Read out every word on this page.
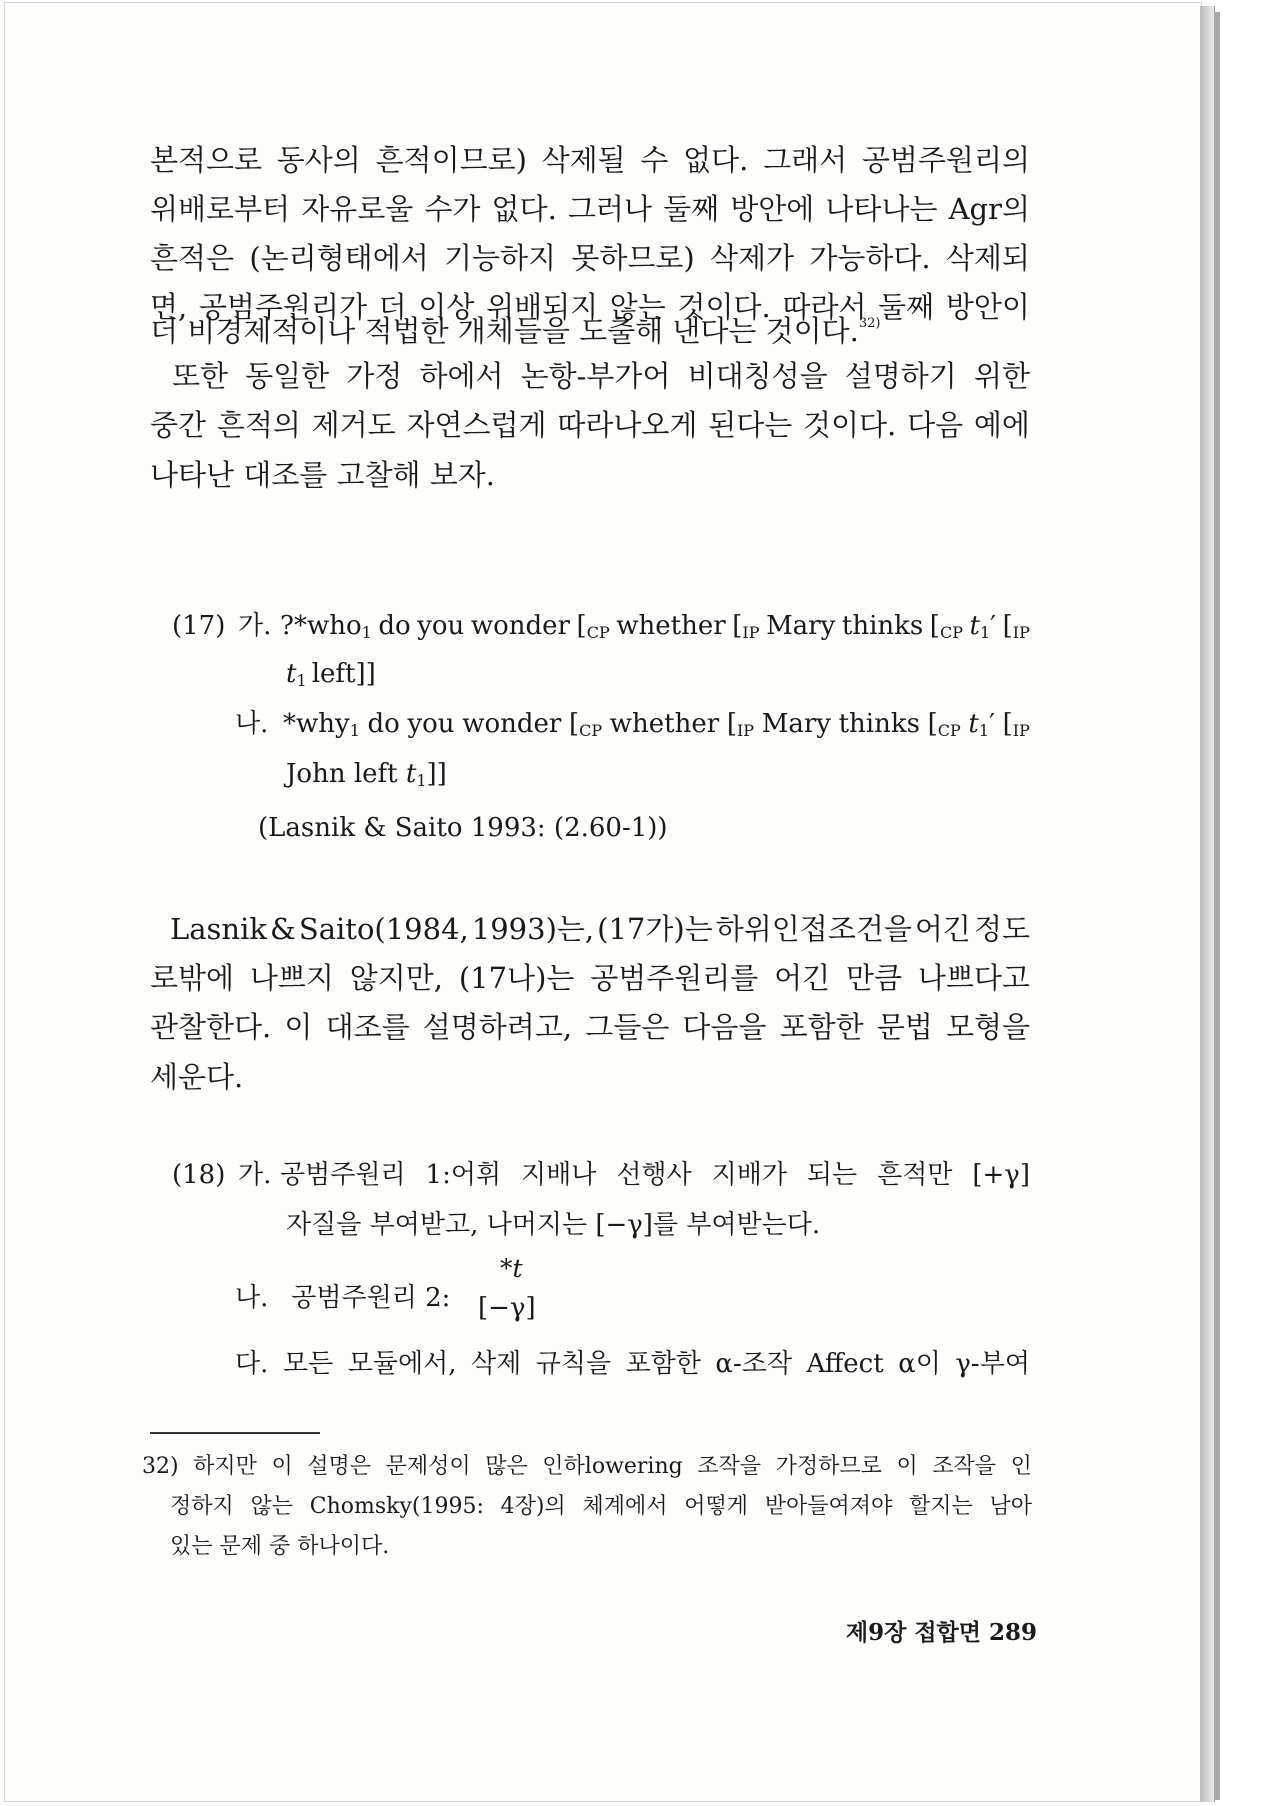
본적으로 동사의 흔적이므로) 삭제될 수 없다. 그래서 공범주원리의
위배로부터 자유로울 수가 없다. 그러나 둘째 방안에 나타나는 Agr의
흔적은 (논리형태에서 기능하지 못하므로) 삭제가 가능하다. 삭제되
면, 공범주원리가 더 이상 위배되지 않는 것이다. 따라서 둘째 방안이
더 비경제적이나 적법한 개체들을 도출해 낸다는 것이다.$^{32)}$
또한 동일한 가정 하에서 논항-부가어 비대칭성을 설명하기 위한
중간 흔적의 제거도 자연스럽게 따라나오게 된다는 것이다. 다음 예에
나타난 대조를 고찰해 보자.
(17) 가. ?*who1 do you wonder [CP whether [IP Mary thinks [CP t1′ [IP
t1 left]]
나. *why1 do you wonder [CP whether [IP Mary thinks [CP t1′ [IP
John left t1]]
(Lasnik & Saito 1993: (2.60-1))
Lasnik & Saito(1984, 1993)는, (17가)는 하위인접조건을 어긴 정도
로밖에 나쁘지 않지만, (17나)는 공범주원리를 어긴 만큼 나쁘다고
관찰한다. 이 대조를 설명하려고, 그들은 다음을 포함한 문법 모형을
세운다.
(18) 가. 공범주원리 1:어휘 지배나 선행사 지배가 되는 흔적만 [+γ]
자질을 부여받고, 나머지는 [−γ]를 부여받는다.
나. 공범주원리 2:
*t
[−γ]
다. 모든 모듈에서, 삭제 규칙을 포함한 α-조작 Affect α이 γ-부여
32) 하지만 이 설명은 문제성이 많은 인하lowering 조작을 가정하므로 이 조작을 인
정하지 않는 Chomsky(1995: 4장)의 체계에서 어떻게 받아들여져야 할지는 남아
있는 문제 중 하나이다.
제9장 접합면 289
